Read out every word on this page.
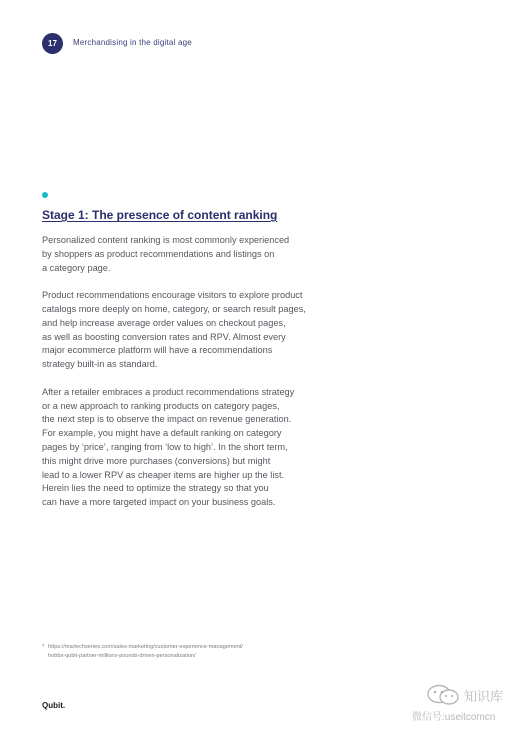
17 Merchandising in the digital age
Stage 1: The presence of content ranking

Personalized content ranking is most commonly experienced
by shoppers as product recommendations and listings on
a category page.

Product recommendations encourage visitors to explore product
catalogs more deeply on home, category, or search result pages,
and help increase average order values on checkout pages,
as well as boosting conversion rates and RPV. Almost every
major ecommerce platform will have a recommendations
strategy built-in as standard.

After a retailer embraces a product recommendations strategy
or a new approach to ranking products on category pages,
the next step is to observe the impact on revenue generation.
For example, you might have a default ranking on category
pages by ‘price’, ranging from ‘low to high’. In the short term,
this might drive more purchases (conversions) but might
lead to a lower RPV as cheaper items are higher up the list.
Herein lies the need to optimize the strategy so that you
can have a more targeted impact on your business goals.

7 https://martechseries.com/sales-marketing/customer-experience-management/
hobbs-qubit-partner-millions-pounds-driven-personalization/
Qubit.
知识库
微信号:useitcomcn
